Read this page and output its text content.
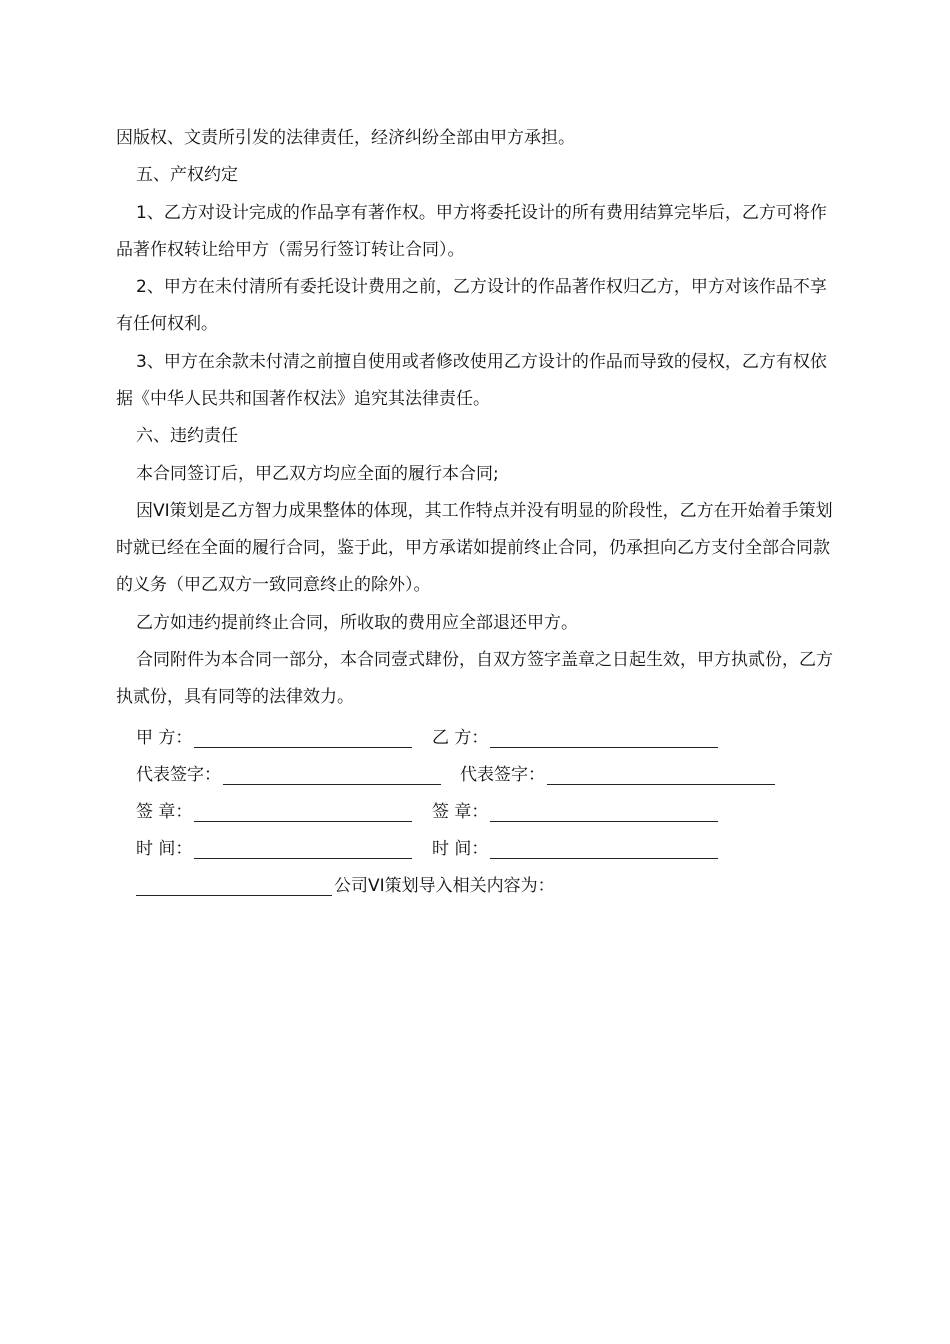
因版权、文责所引发的法律责任，经济纠纷全部由甲方承担。

五、产权约定

1、乙方对设计完成的作品享有著作权。甲方将委托设计的所有费用结算完毕后，乙方可将作品著作权转让给甲方（需另行签订转让合同）。

2、甲方在未付清所有委托设计费用之前，乙方设计的作品著作权归乙方，甲方对该作品不享有任何权利。

3、甲方在余款未付清之前擅自使用或者修改使用乙方设计的作品而导致的侵权，乙方有权依据《中华人民共和国著作权法》追究其法律责任。

六、违约责任

本合同签订后，甲乙双方均应全面的履行本合同;

因VI策划是乙方智力成果整体的体现，其工作特点并没有明显的阶段性，乙方在开始着手策划时就已经在全面的履行合同，鉴于此，甲方承诺如提前终止合同，仍承担向乙方支付全部合同款的义务（甲乙双方一致同意终止的除外）。

乙方如违约提前终止合同，所收取的费用应全部退还甲方。

合同附件为本合同一部分，本合同壹式肆份，自双方签字盖章之日起生效，甲方执贰份，乙方执贰份，具有同等的法律效力。

甲 方：	乙 方：
代表签字：	代表签字：
签 章：	签 章：
时 间：	时 间：
公司VI策划导入相关内容为：
